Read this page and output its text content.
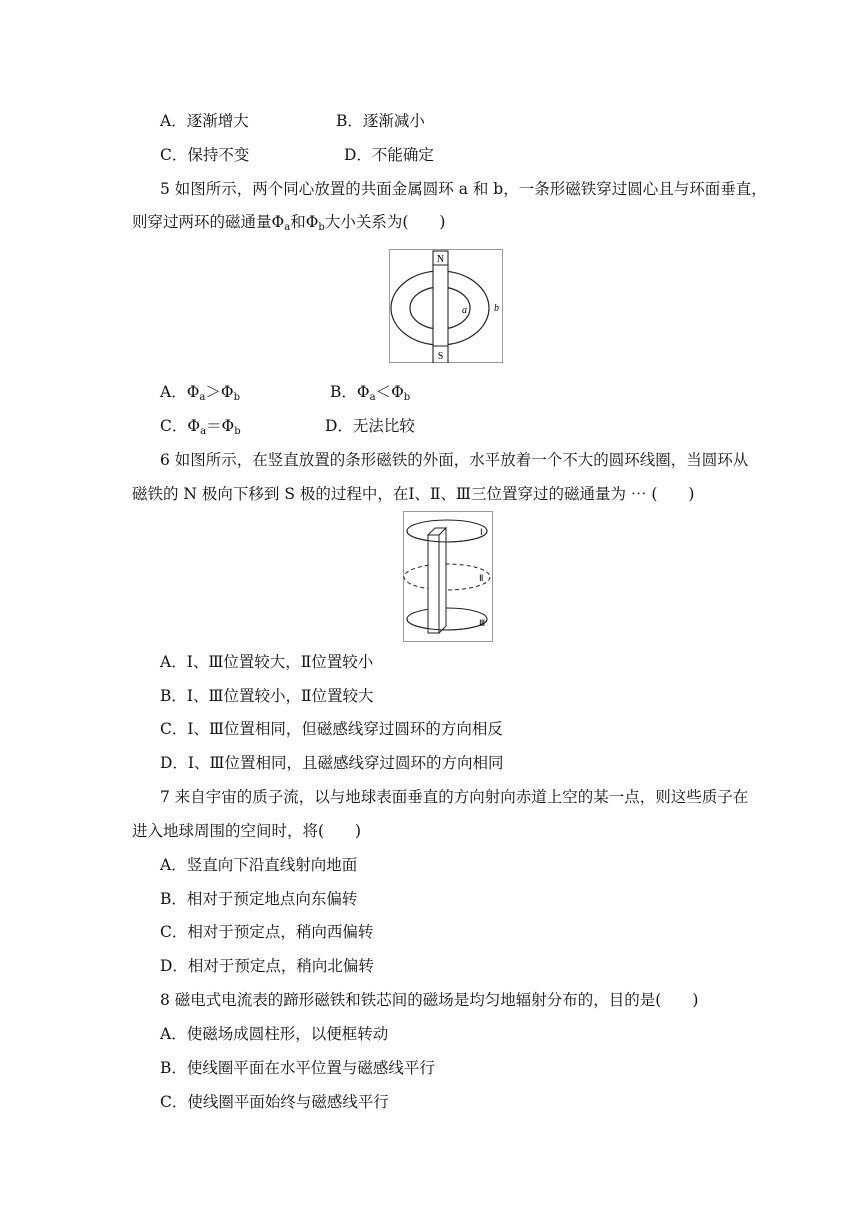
A．逐渐增大	B．逐渐减小
C．保持不变	D．不能确定
5 如图所示，两个同心放置的共面金属圆环 a 和 b，一条形磁铁穿过圆心且与环面垂直，
则穿过两环的磁通量$\Phi_a$和$\Phi_b$大小关系为(　　)
N
S
a	b
A．$\Phi_a>\Phi_b$	B．$\Phi_a<\Phi_b$
C．$\Phi_a=\Phi_b$	D．无法比较
6 如图所示，在竖直放置的条形磁铁的外面，水平放着一个不大的圆环线圈，当圆环从
磁铁的 N 极向下移到 S 极的过程中，在Ⅰ、Ⅱ、Ⅲ三位置穿过的磁通量为 ⋯ (　　)
Ⅰ
Ⅱ
Ⅲ
A．Ⅰ、Ⅲ位置较大，Ⅱ位置较小
B．Ⅰ、Ⅲ位置较小，Ⅱ位置较大
C．Ⅰ、Ⅲ位置相同，但磁感线穿过圆环的方向相反
D．Ⅰ、Ⅲ位置相同，且磁感线穿过圆环的方向相同
7 来自宇宙的质子流，以与地球表面垂直的方向射向赤道上空的某一点，则这些质子在
进入地球周围的空间时，将(　　)
A．竖直向下沿直线射向地面
B．相对于预定地点向东偏转
C．相对于预定点，稍向西偏转
D．相对于预定点，稍向北偏转
8 磁电式电流表的蹄形磁铁和铁芯间的磁场是均匀地辐射分布的，目的是(　　)
A．使磁场成圆柱形，以便框转动
B．使线圈平面在水平位置与磁感线平行
C．使线圈平面始终与磁感线平行
